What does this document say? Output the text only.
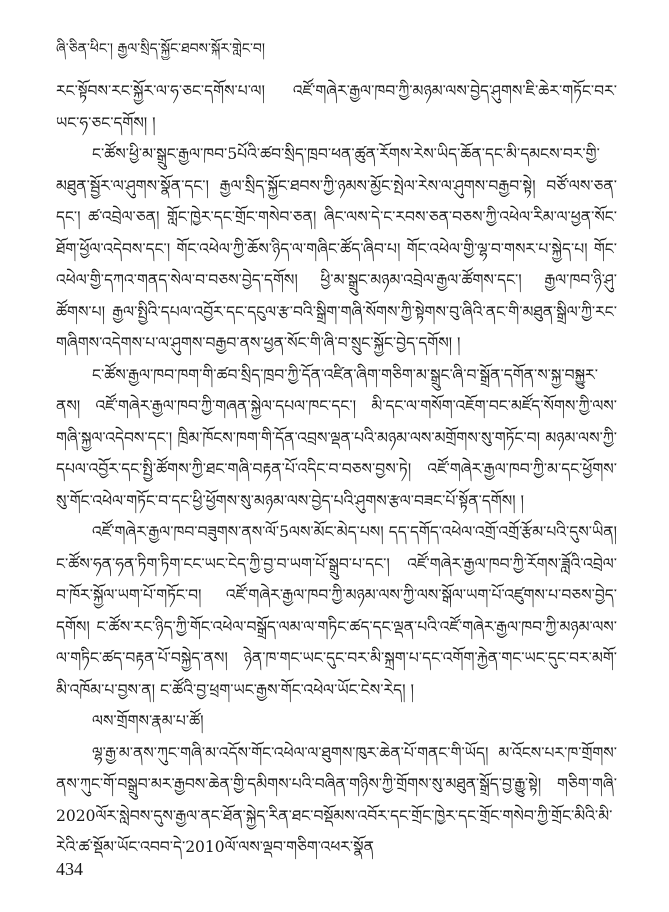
ཞི་ཅིན་ཕིང་། རྒྱལ་སྲིད་སྐྱོང་ཐབས་སྐོར་གླེང་བ།

རང་སྟོབས་རང་སྐྱོར་ལ་ཧ་ཅང་དགོས་པ་ལ། འཛོ་གཞེར་རྒྱལ་ཁབ་ཀྱི་མཉམ་ལས་བྱེད་ཤུགས་ཇི་ཆེར་གཏོང་བར་ཡང་ཧ་ཅང་དགོས། །

ང་ཚོས་ཕྱི་མ་སྒྲུང་རྒྱལ་ཁབ་5པོའི་ཚབ་སྲིད་ཁྲབ་ཕན་ཚུན་རོགས་རེས་ཡིད་ཆོན་དང་མི་དམངས་བར་གྱི་མཐུན་སྦྱོར་ལ་ཤུགས་སྣོན་དང་། རྒྱལ་སྲིད་སྐྱོང་ཐབས་ཀྱི་ཉམས་མྱོང་སྤེལ་རེས་ལ་ཤུགས་བརྒྱབ་སྟེ། བཙོ་ལས་ཅན་དང་། ཚ་འབྲེལ་ཅན། གློང་ཁྱེར་དང་གྲོང་གསེབ་ཅན། ཞིང་ལས་དེ་ང་རབས་ཅན་བཅས་ཀྱི་འཕེལ་རིམ་ལ་ཕྱན་སོང་ཐོག་ཕྱོལ་འདེབས་དང་། གོང་འཕེལ་ཀྱི་ཆོས་ཉིད་ལ་གཞིང་ཚོད་ཞིབ་པ། གོང་འཕེལ་གྱི་ལྷ་བ་གསར་པ་སྐྱེད་པ། གོང་འཕེལ་གྱི་དཀའ་གནད་སེལ་བ་བཅས་བྱེད་དགོས། ཕྱི་མ་སྒྲུང་མཉམ་འབྲེལ་རྒྱལ་ཚོགས་དང་། རྒྱལ་ཁབ་ཉི་ཤུ་ཚོགས་པ། རྒྱལ་སྤྱིའི་དཔལ་འབྱོར་དང་དངུལ་རྩ་བའི་སྒྲིག་གཞི་སོགས་ཀྱི་སྟེགས་བུ་ཞིའི་ནང་གི་མཐུན་སྒྲིལ་ཀྱི་རང་གཞིགས་འདེགས་པ་ལ་ཤུགས་བརྒྱབ་ནས་ཕྱན་སོང་གི་ཞི་བ་སྲུང་སྐྱོང་བྱེད་དགོས། །

ང་ཚོས་རྒྱལ་ཁབ་ཁག་གི་ཚབ་སྲིད་ཁྲབ་ཀྱི་དོན་འཛིན་ཞིག་གཅིག་མ་སྒྲུང་ཞི་བ་སྒྲོན་དགོན་ས་སྐྱ་བསྐྱུར་ནས། འཛོ་གཞེར་རྒྱལ་ཁབ་ཀྱི་གཞན་སྐྱེལ་དཔལ་ཁང་དང་། མི་དང་ལ་གསོག་འཇོག་བང་མཛོད་སོགས་ཀྱི་ལས་གཞི་སྐྱལ་འདེབས་དང་། ཁྲིམ་ཁོངས་ཁག་གི་དོན་འབྲས་ལྡན་པའི་མཉམ་ལས་མགྲོགས་སུ་གཏོང་བ། མཉམ་ལས་ཀྱི་དཔལ་འབྱོར་དང་སྤྱི་ཚོགས་ཀྱི་ཐང་གཞི་བརྟན་པོ་འདིང་བ་བཅས་བྱས་ཏེ། འཛོ་གཞེར་རྒྱལ་ཁབ་ཀྱི་མ་དང་ཕྱོགས་སུ་གོང་འཕེལ་གཏོང་བ་དང་ཕྱི་ཕྱོགས་སུ་མཉམ་ལས་བྱེད་པའི་ཤུགས་རྩལ་བཟང་པོ་སྟོན་དགོས། །

འཛོ་གཞེར་རྒྱལ་ཁབ་བཟུགས་ནས་ལོ་5ལས་མོང་མེད་པས། དད་དགོད་འཕེལ་འགྲོ་འགྲོ་རྩོམ་པའི་དུས་ཡིན། ང་ཚོས་ཧན་ཧན་ཏིག་ཏིག་ངང་ཡང་ངེད་ཀྱི་བྱ་བ་ཡག་པོ་སྒྲུབ་པ་དང་། འཛོ་གཞེར་རྒྱལ་ཁབ་ཀྱི་རོགས་ཟློའི་འབྲེལ་བ་ཁོར་སྐྱོལ་ཡག་པོ་གཏོང་བ། འཛོ་གཞེར་རྒྱལ་ཁབ་ཀྱི་མཉམ་ལས་ཀྱི་ལས་སྒོལ་ཡག་པོ་འཛུགས་པ་བཅས་བྱེད་དགོས། ང་ཚོས་རང་ཉིད་ཀྱི་གོང་འཕེལ་བསྒྲོད་ལམ་ལ་གཏིང་ཚད་དང་ལྡན་པའི་འཛོ་གཞེར་རྒྱལ་ཁབ་ཀྱི་མཉམ་ལས་ལ་གཏིང་ཚད་བརྟན་པོ་བསྐྱེད་ནས། ཉེན་ཁ་གང་ཡང་དུང་བར་མི་སྐྲག་པ་དང་འགོག་རྐྱེན་གང་ཡང་དུང་བར་མགོ་མི་འཁོམ་པ་བྱས་ན། ང་ཚོའི་བྱ་ཕྲག་ཡང་རྒྱས་གོང་འཕེལ་ཡོང་ངེས་རེད། །

ལས་གྲོགས་རྣམ་པ་ཚོ།

ལྷ་རྒྱ་མ་ནས་ཀུང་གཞི་མ་འདོས་གོང་འཕེལ་ལ་ཐུགས་ཁུར་ཆེན་པོ་གནང་གི་ཡོད། མ་འོངས་པར་ཁ་གྲོགས་ནས་ཀུང་གོ་བསྒྲུབ་མར་རྒྱབས་ཆེན་གྱི་དམིགས་པའི་བཞིན་གཉིས་ཀྱི་གྲོགས་སུ་མཐུན་སྒྲོད་བྱ་རྒྱུ་སྟེ། གཅིག་གཞི་2020ལོར་སླེབས་དུས་རྒྱལ་ནང་ཐོན་སྐྱེད་རིན་ཐང་བསྡོམས་འབོར་དང་གྲོང་ཁྱེར་དང་གྲོང་གསེབ་ཀྱི་གྲོང་མིའི་མི་རེའི་ཚ་སྡོམ་ཡོང་འབབ་དེ་2010ལོ་ལས་ལྡབ་གཅིག་འཕར་སྣོན

434
